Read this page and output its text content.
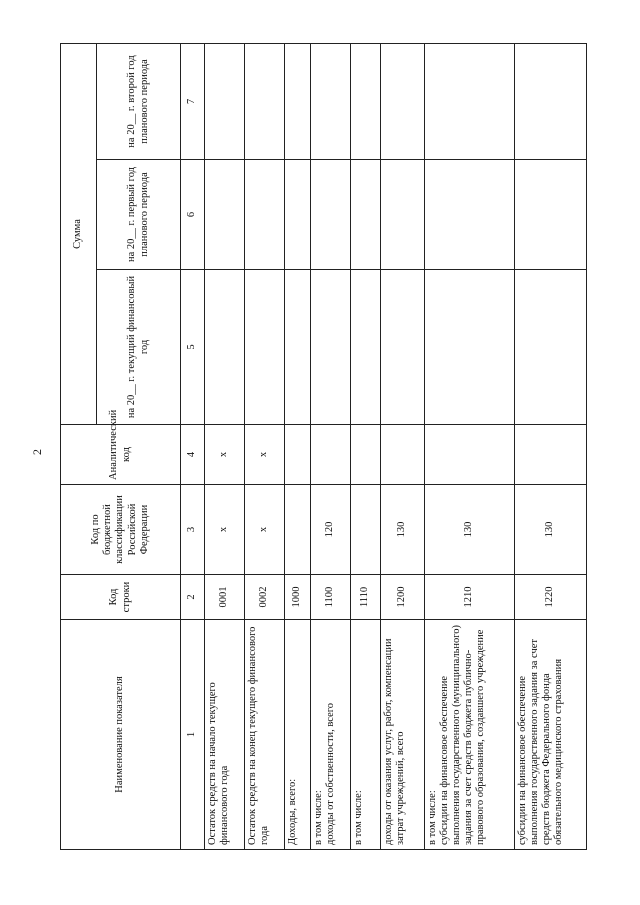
2
Наименование показателя	Код строки	Код по бюджетной классификации Российской Федерации	Аналитический код	Сумма		
				на 20__ г. текущий финансовый год	на 20__ г. первый год планового периода	на 20__ г. второй год планового периода
1	2	3	4	5	6	7
Остаток средств на начало текущего финансового года	0001	x	x			
Остаток средств на конец текущего финансового года	0002	x	x			
Доходы, всего:	1000					
в том числе:
доходы от собственности, всего	1100	120				
в том числе:	1110					
доходы от оказания услуг, работ, компенсации затрат учреждений, всего	1200	130				
в том числе:
субсидии на финансовое обеспечение выполнения государственного (муниципального) задания за счет средств бюджета публично-правового образования, создавшего учреждение	1210	130				
субсидии на финансовое обеспечение выполнения государственного задания за счет средств бюджета Федерального фонда обязательного медицинского страхования	1220	130				
